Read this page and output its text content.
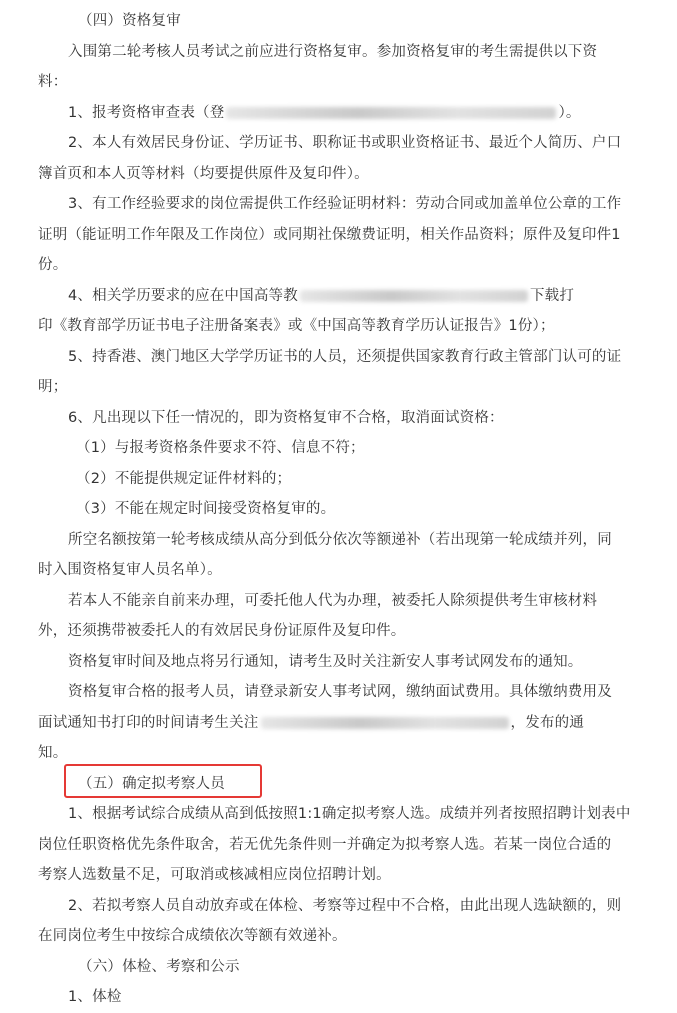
（四）资格复审
入围第二轮考核人员考试之前应进行资格复审。参加资格复审的考生需提供以下资
料：
1、报考资格审查表（登	）。
2、本人有效居民身份证、学历证书、职称证书或职业资格证书、最近个人简历、户口
簿首页和本人页等材料（均要提供原件及复印件）。
3、有工作经验要求的岗位需提供工作经验证明材料：劳动合同或加盖单位公章的工作
证明（能证明工作年限及工作岗位）或同期社保缴费证明，相关作品资料；原件及复印件1
份。
4、相关学历要求的应在中国高等教	下载打
印《教育部学历证书电子注册备案表》或《中国高等教育学历认证报告》1份）；
5、持香港、澳门地区大学学历证书的人员，还须提供国家教育行政主管部门认可的证
明；
6、凡出现以下任一情况的，即为资格复审不合格，取消面试资格：
（1）与报考资格条件要求不符、信息不符；
（2）不能提供规定证件材料的；
（3）不能在规定时间接受资格复审的。
所空名额按第一轮考核成绩从高分到低分依次等额递补（若出现第一轮成绩并列，同
时入围资格复审人员名单）。
若本人不能亲自前来办理，可委托他人代为办理，被委托人除须提供考生审核材料
外，还须携带被委托人的有效居民身份证原件及复印件。
资格复审时间及地点将另行通知，请考生及时关注新安人事考试网发布的通知。
资格复审合格的报考人员，请登录新安人事考试网，缴纳面试费用。具体缴纳费用及
面试通知书打印的时间请考生关注	，发布的通
知。
（五）确定拟考察人员
1、根据考试综合成绩从高到低按照1:1确定拟考察人选。成绩并列者按照招聘计划表中
岗位任职资格优先条件取舍，若无优先条件则一并确定为拟考察人选。若某一岗位合适的
考察人选数量不足，可取消或核减相应岗位招聘计划。
2、若拟考察人员自动放弃或在体检、考察等过程中不合格，由此出现人选缺额的，则
在同岗位考生中按综合成绩依次等额有效递补。
（六）体检、考察和公示
1、体检
